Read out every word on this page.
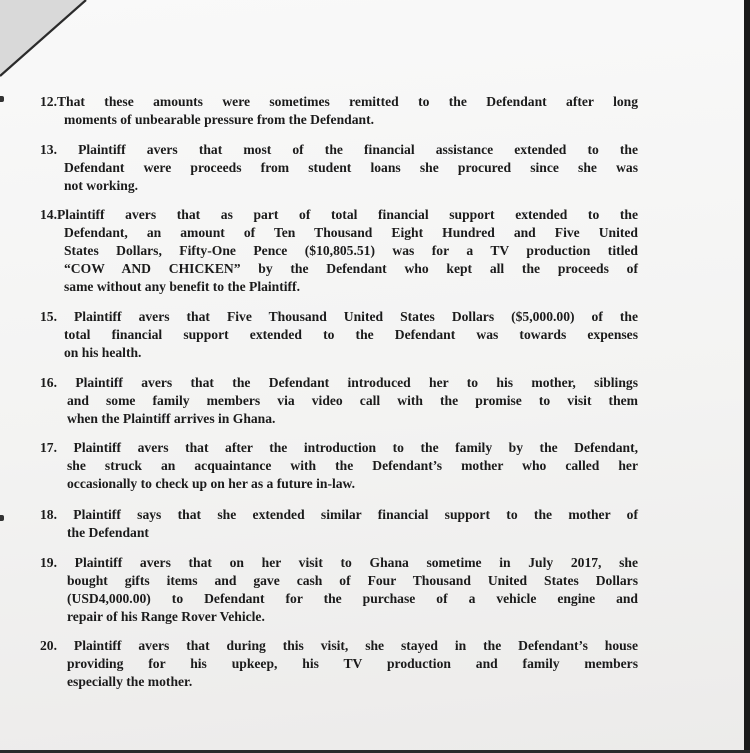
12.That these amounts were sometimes remitted to the Defendant after long
moments of unbearable pressure from the Defendant.
13. Plaintiff avers that most of the financial assistance extended to the
Defendant were proceeds from student loans she procured since she was
not working.
14.Plaintiff avers that as part of total financial support extended to the
Defendant, an amount of Ten Thousand Eight Hundred and Five United
States Dollars, Fifty-One Pence ($10,805.51) was for a TV production titled
“COW AND CHICKEN” by the Defendant who kept all the proceeds of
same without any benefit to the Plaintiff.
15. Plaintiff avers that Five Thousand United States Dollars ($5,000.00) of the
total financial support extended to the Defendant was towards expenses
on his health.
16. Plaintiff avers that the Defendant introduced her to his mother, siblings
and some family members via video call with the promise to visit them
when the Plaintiff arrives in Ghana.
17. Plaintiff avers that after the introduction to the family by the Defendant,
she struck an acquaintance with the Defendant’s mother who called her
occasionally to check up on her as a future in-law.
18. Plaintiff says that she extended similar financial support to the mother of
the Defendant
19. Plaintiff avers that on her visit to Ghana sometime in July 2017, she
bought gifts items and gave cash of Four Thousand United States Dollars
(USD4,000.00) to Defendant for the purchase of a vehicle engine and
repair of his Range Rover Vehicle.
20. Plaintiff avers that during this visit, she stayed in the Defendant’s house
providing for his upkeep, his TV production and family members
especially the mother.
